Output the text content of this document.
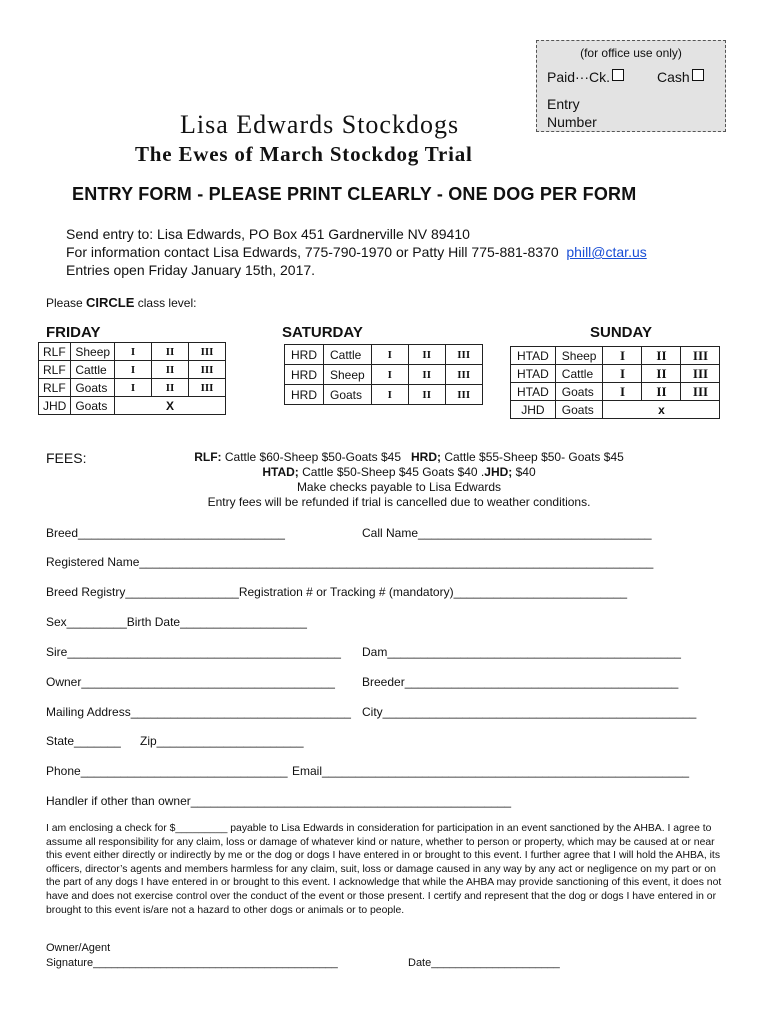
(for office use only)
Paid···Ck.	Cash
Entry Number
Lisa Edwards Stockdogs
The Ewes of March Stockdog Trial
ENTRY FORM - PLEASE PRINT CLEARLY - ONE DOG PER FORM
Send entry to: Lisa Edwards, PO Box 451 Gardnerville NV 89410
For information contact Lisa Edwards, 775-790-1970 or Patty Hill 775-881-8370 phill@ctar.us
Entries open Friday January 15th, 2017.
Please CIRCLE class level:
FRIDAY	SATURDAY	SUNDAY
RLF	Sheep	I	II	III
RLF	Cattle	I	II	III
RLF	Goats	I	II	III
JHD	Goats	X		
HRD	Cattle	I	II	III
HRD	Sheep	I	II	III
HRD	Goats	I	II	III
HTAD	Sheep	I	II	III
HTAD	Cattle	I	II	III
HTAD	Goats	I	II	III
JHD	Goats	x		
FEES:	RLF: Cattle $60-Sheep $50-Goats $45   HRD; Cattle $55-Sheep $50- Goats $45
HTAD; Cattle $50-Sheep $45 Goats $40 .JHD; $40
Make checks payable to Lisa Edwards
Entry fees will be refunded if trial is cancelled due to weather conditions.
Breed_______________________________	Call Name___________________________________
Registered Name_____________________________________________________________________________
Breed Registry_________________Registration # or Tracking # (mandatory)__________________________
Sex_________Birth Date___________________
Sire_________________________________________ Dam____________________________________________
Owner______________________________________ Breeder_________________________________________
Mailing Address_________________________________ City_______________________________________________
State_______ Zip______________________
Phone_______________________________ Email_______________________________________________________
Handler if other than owner________________________________________________
I am enclosing a check for $_________ payable to Lisa Edwards in consideration for participation in an event sanctioned by the AHBA. I agree to assume all responsibility for any claim, loss or damage of whatever kind or nature, whether to person or property, which may be caused at or near this event either directly or indirectly by me or the dog or dogs I have entered in or brought to this event. I further agree that I will hold the AHBA, its officers, director’s agents and members harmless for any claim, suit, loss or damage caused in any way by any act or negligence on my part or on the part of any dogs I have entered in or brought to this event. I acknowledge that while the AHBA may provide sanctioning of this event, it does not have and does not exercise control over the conduct of the event or those present. I certify and represent that the dog or dogs I have entered in or brought to this event is/are not a hazard to other dogs or animals or to people.
Owner/Agent
Signature________________________________________	Date_____________________
